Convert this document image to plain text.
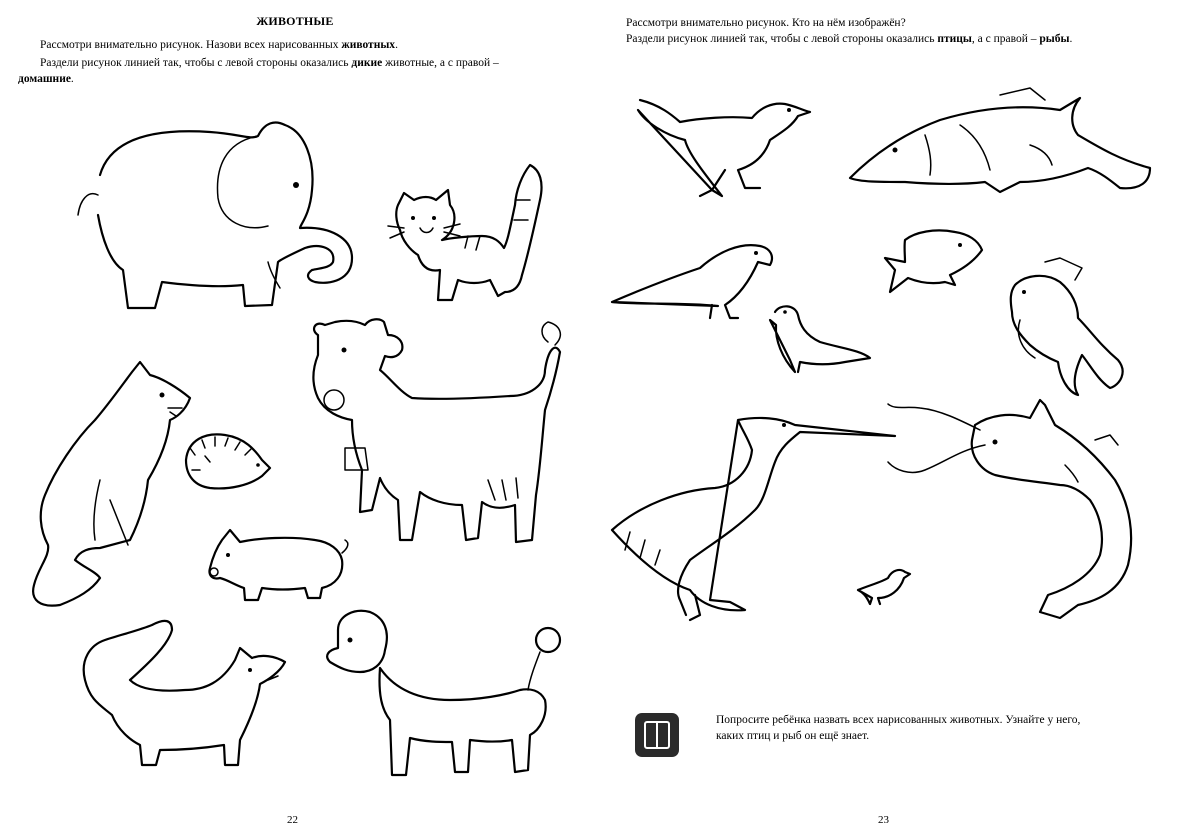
ЖИВОТНЫЕ
Рассмотри внимательно рисунок. Назови всех нарисованных животных.
Раздели рисунок линией так, чтобы с левой стороны оказались дикие животные, а с правой –
домашние.
22
Рассмотри внимательно рисунок. Кто на нём изображён?
Раздели рисунок линией так, чтобы с левой стороны оказались птицы, а с правой – рыбы.
23
Попросите ребёнка назвать всех нарисованных животных. Узнайте у него,
каких птиц и рыб он ещё знает.
